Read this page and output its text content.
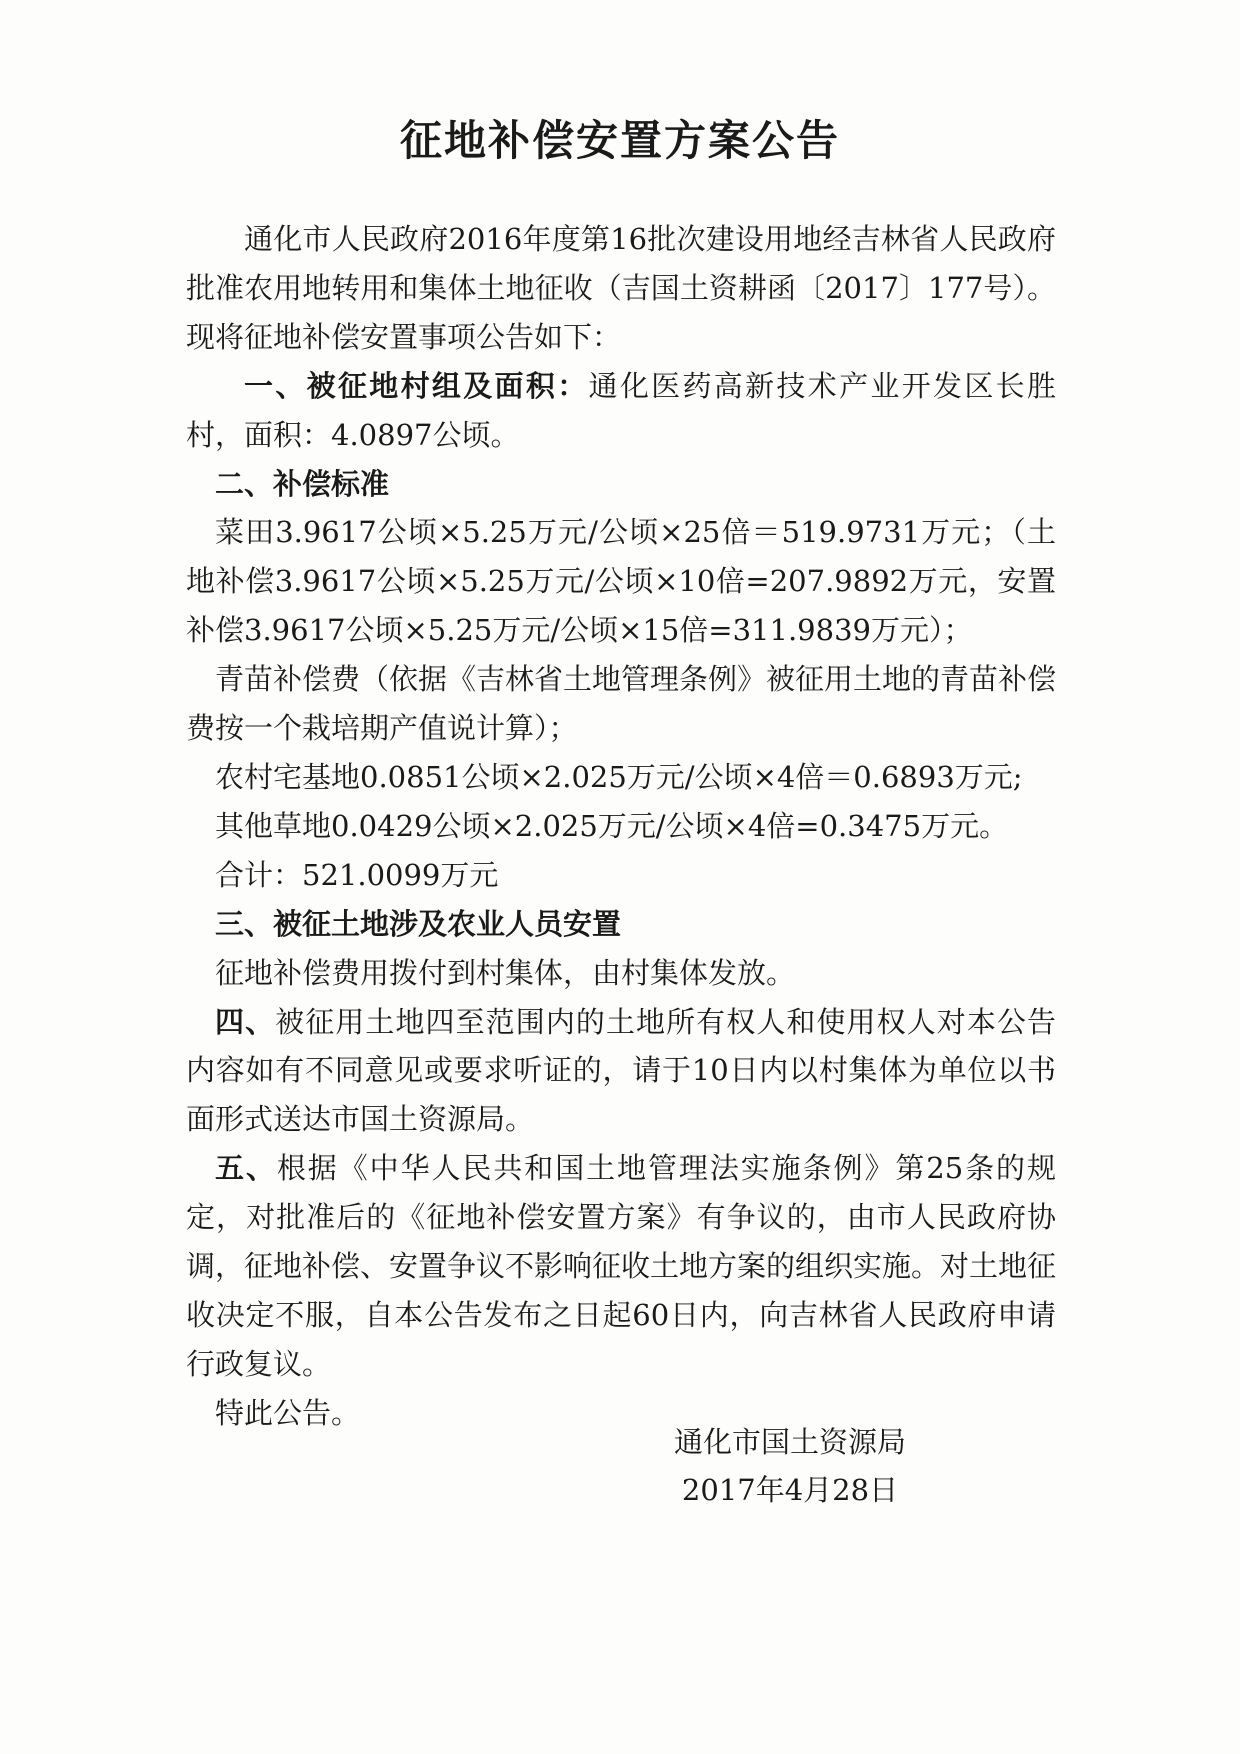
征地补偿安置方案公告

通化市人民政府2016年度第16批次建设用地经吉林省人民政府批准农用地转用和集体土地征收（吉国土资耕函〔2017〕177号）。现将征地补偿安置事项公告如下：

一、被征地村组及面积：通化医药高新技术产业开发区长胜村，面积：4.0897公顷。

二、补偿标准

菜田3.9617公顷×5.25万元/公顷×25倍＝519.9731万元；（土地补偿3.9617公顷×5.25万元/公顷×10倍=207.9892万元，安置补偿3.9617公顷×5.25万元/公顷×15倍=311.9839万元）；

青苗补偿费（依据《吉林省土地管理条例》被征用土地的青苗补偿费按一个栽培期产值说计算）；

农村宅基地0.0851公顷×2.025万元/公顷×4倍＝0.6893万元;

其他草地0.0429公顷×2.025万元/公顷×4倍=0.3475万元。

合计：521.0099万元

三、被征土地涉及农业人员安置

征地补偿费用拨付到村集体，由村集体发放。

四、被征用土地四至范围内的土地所有权人和使用权人对本公告内容如有不同意见或要求听证的，请于10日内以村集体为单位以书面形式送达市国土资源局。

五、根据《中华人民共和国土地管理法实施条例》第25条的规定，对批准后的《征地补偿安置方案》有争议的，由市人民政府协调，征地补偿、安置争议不影响征收土地方案的组织实施。对土地征收决定不服，自本公告发布之日起60日内，向吉林省人民政府申请行政复议。

特此公告。

通化市国土资源局
2017年4月28日
